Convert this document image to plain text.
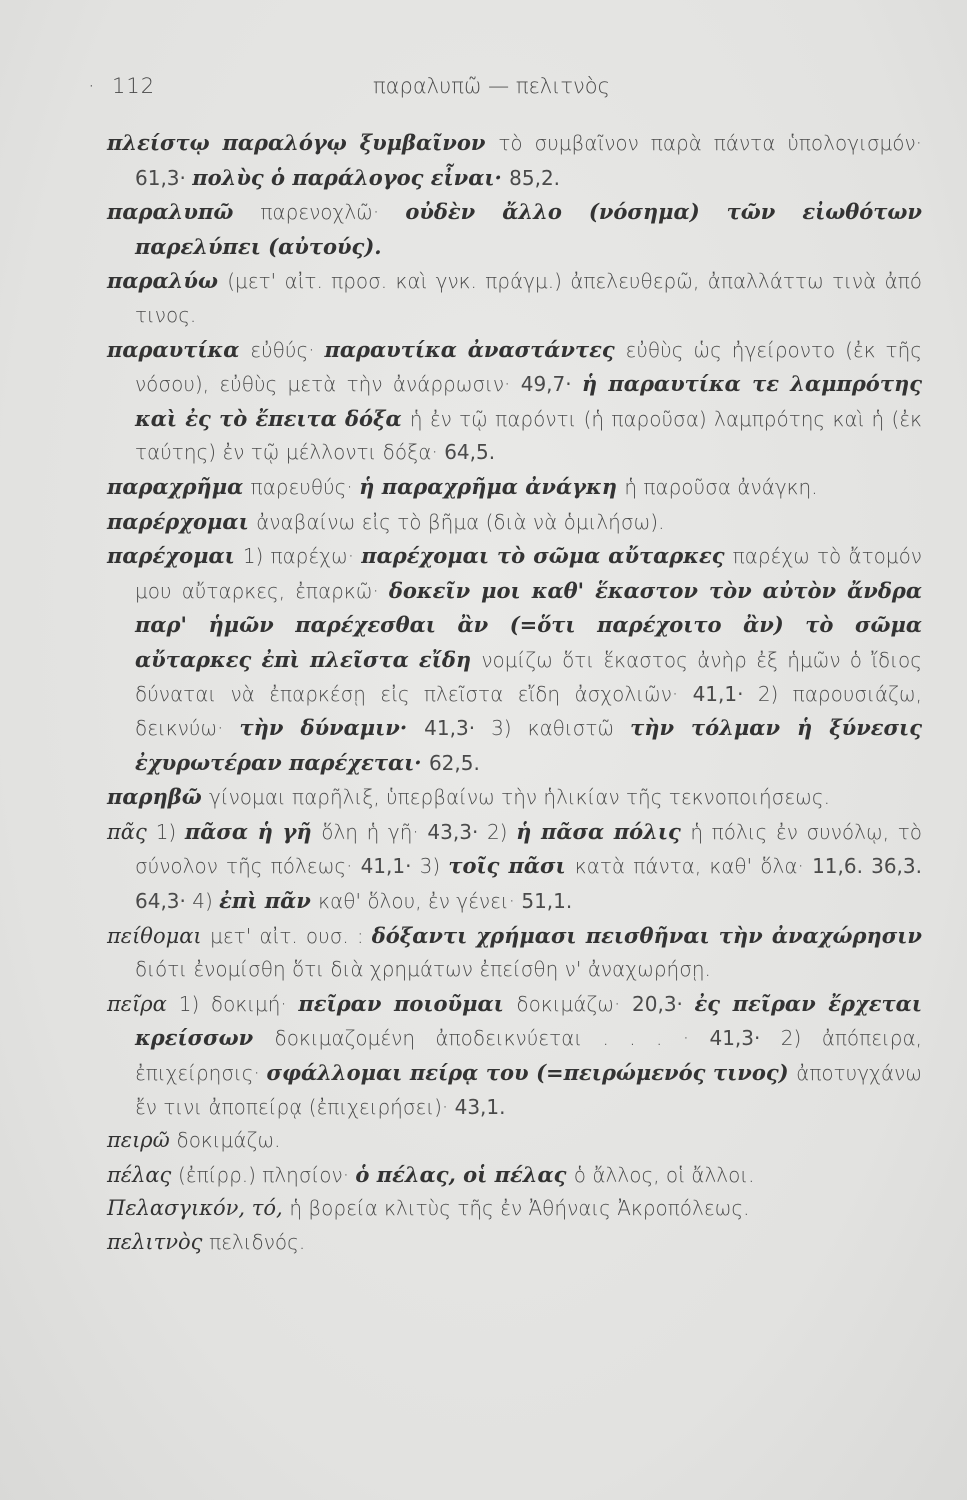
· 112	παραλυπῶ — πελιτνὸς

πλείστῳ παραλόγῳ ξυμβαῖνον τὸ συμβαῖνον παρὰ πάντα ὑπολογισμόν· 61,3· πολὺς ὁ παράλογος εἶναι· 85,2.

παραλυπῶ παρενοχλῶ· οὐδὲν ἄλλο (νόσημα) τῶν εἰωθότων παρελύπει (αὐτούς).

παραλύω (μετ' αἰτ. προσ. καὶ γνκ. πράγμ.) ἀπελευθερῶ, ἀπαλλάττω τινὰ ἀπό τινος.

παραυτίκα εὐθύς· παραυτίκα ἀναστάντες εὐθὺς ὡς ἠγείροντο (ἐκ τῆς νόσου), εὐθὺς μετὰ τὴν ἀνάρρωσιν· 49,7· ἡ παραυτίκα τε λαμπρότης καὶ ἐς τὸ ἔπειτα δόξα ἡ ἐν τῷ παρόντι (ἡ παροῦσα) λαμπρότης καὶ ἡ (ἐκ ταύτης) ἐν τῷ μέλλοντι δόξα· 64,5.

παραχρῆμα παρευθύς· ἡ παραχρῆμα ἀνάγκη ἡ παροῦσα ἀνάγκη.

παρέρχομαι ἀναβαίνω εἰς τὸ βῆμα (διὰ νὰ ὁμιλήσω).

παρέχομαι 1) παρέχω· παρέχομαι τὸ σῶμα αὔταρκες παρέχω τὸ ἄτομόν μου αὔταρκες, ἐπαρκῶ· δοκεῖν μοι καθ' ἕκαστον τὸν αὐτὸν ἄνδρα παρ' ἡμῶν παρέχεσθαι ἂν (=ὅτι παρέχοιτο ἂν) τὸ σῶμα αὔταρκες ἐπὶ πλεῖστα εἴδη νομίζω ὅτι ἕκαστος ἀνὴρ ἐξ ἡμῶν ὁ ἴδιος δύναται νὰ ἐπαρκέσῃ εἰς πλεῖστα εἴδη ἀσχολιῶν· 41,1· 2) παρουσιάζω, δεικνύω· τὴν δύναμιν· 41,3· 3) καθιστῶ τὴν τόλμαν ἡ ξύνεσις ἐχυρωτέραν παρέχεται· 62,5.

παρηβῶ γίνομαι παρῆλιξ, ὑπερβαίνω τὴν ἡλικίαν τῆς τεκνοποιήσεως.

πᾶς 1) πᾶσα ἡ γῆ ὅλη ἡ γῆ· 43,3· 2) ἡ πᾶσα πόλις ἡ πόλις ἐν συνόλῳ, τὸ σύνολον τῆς πόλεως· 41,1· 3) τοῖς πᾶσι κατὰ πάντα, καθ' ὅλα· 11,6. 36,3. 64,3· 4) ἐπὶ πᾶν καθ' ὅλου, ἐν γένει· 51,1.

πείθομαι μετ' αἰτ. ουσ. : δόξαντι χρήμασι πεισθῆναι τὴν ἀναχώρησιν διότι ἐνομίσθη ὅτι διὰ χρημάτων ἐπείσθη ν' ἀναχωρήσῃ.

πεῖρα 1) δοκιμή· πεῖραν ποιοῦμαι δοκιμάζω· 20,3· ἐς πεῖραν ἔρχεται κρείσσων δοκιμαζομένη ἀποδεικνύεται . . . · 41,3· 2) ἀπόπειρα, ἐπιχείρησις· σφάλλομαι πείρᾳ του (=πειρώμενός τινος) ἀποτυγχάνω ἔν τινι ἀποπείρᾳ (ἐπιχειρήσει)· 43,1.

πειρῶ δοκιμάζω.

πέλας (ἐπίρρ.) πλησίον· ὁ πέλας, οἱ πέλας ὁ ἄλλος, οἱ ἄλλοι.

Πελασγικόν, τό, ἡ βορεία κλιτὺς τῆς ἐν Ἀθήναις Ἀκροπόλεως.

πελιτνὸς πελιδνός.
